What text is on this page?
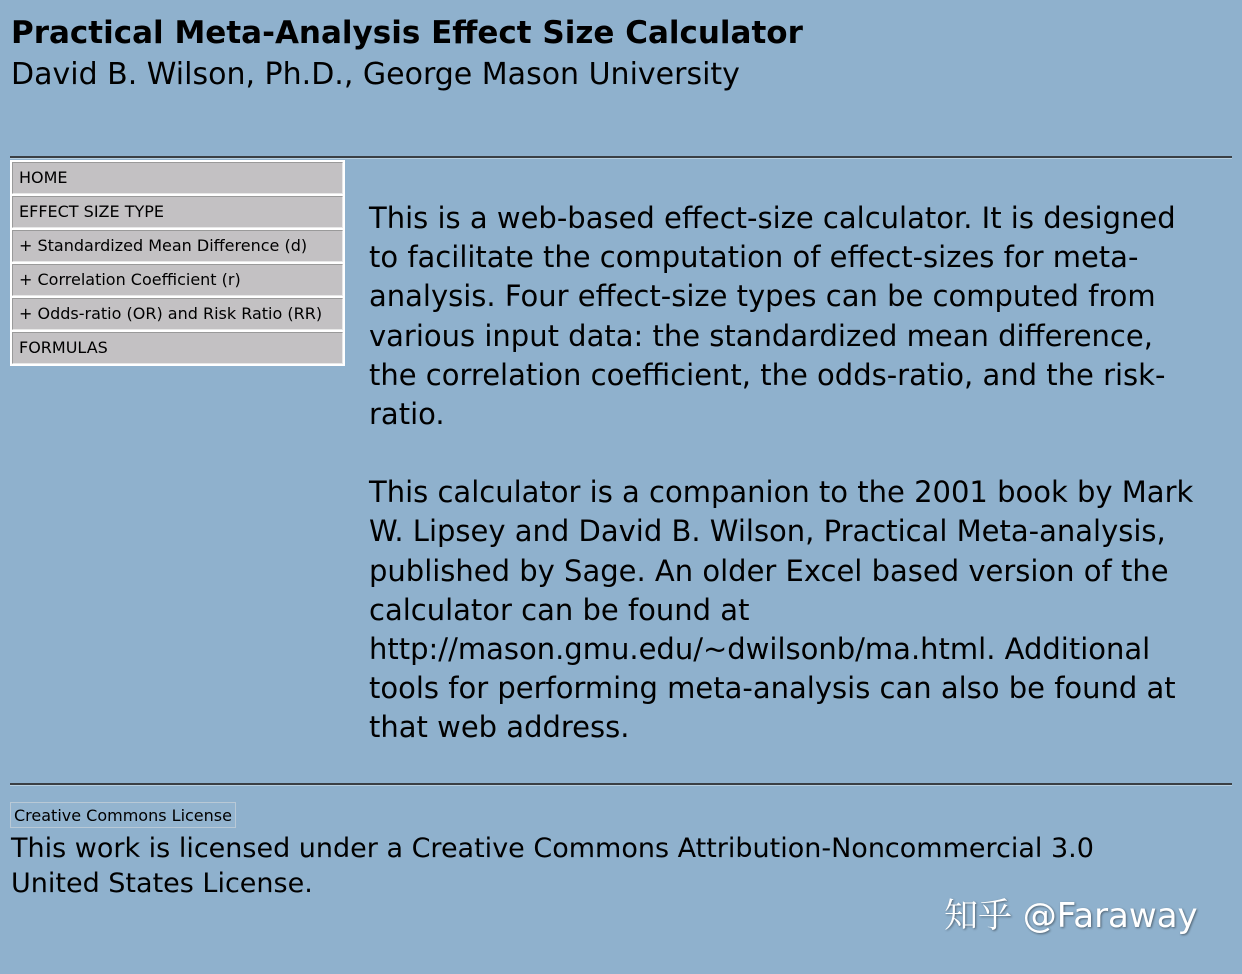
Practical Meta-Analysis Effect Size Calculator
David B. Wilson, Ph.D., George Mason University
HOME
EFFECT SIZE TYPE
+ Standardized Mean Difference (d)
+ Correlation Coefficient (r)
+ Odds-ratio (OR) and Risk Ratio (RR)
FORMULAS

This is a web-based effect-size calculator. It is designed to facilitate the computation of effect-sizes for meta-analysis. Four effect-size types can be computed from various input data: the standardized mean difference, the correlation coefficient, the odds-ratio, and the risk-ratio.

This calculator is a companion to the 2001 book by Mark W. Lipsey and David B. Wilson, Practical Meta-analysis, published by Sage. An older Excel based version of the calculator can be found at http://mason.gmu.edu/~dwilsonb/ma.html. Additional tools for performing meta-analysis can also be found at that web address.

Creative Commons License
This work is licensed under a Creative Commons Attribution-Noncommercial 3.0 United States License.
知乎 @Faraway
